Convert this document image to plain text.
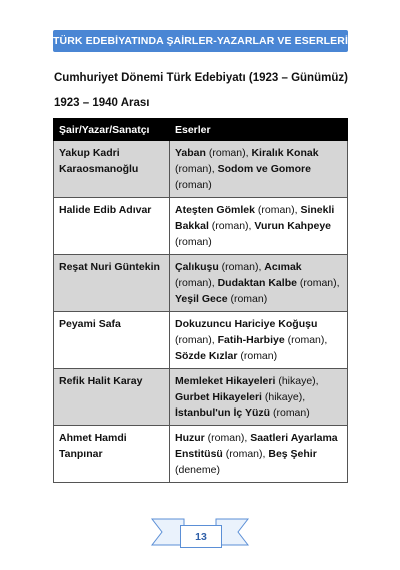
TÜRK EDEBİYATINDA ŞAİRLER-YAZARLAR VE ESERLERİ
Cumhuriyet Dönemi Türk Edebiyatı (1923 – Günümüz)
1923 – 1940 Arası
Şair/Yazar/Sanatçı	Eserler
Yakup Kadri Karaosmanoğlu	Yaban (roman), Kiralık Konak (roman), Sodom ve Gomore (roman)
Halide Edib Adıvar	Ateşten Gömlek (roman), Sinekli Bakkal (roman), Vurun Kahpeye (roman)
Reşat Nuri Güntekin	Çalıkuşu (roman), Acımak (roman), Dudaktan Kalbe (roman), Yeşil Gece (roman)
Peyami Safa	Dokuzuncu Hariciye Koğuşu (roman), Fatih-Harbiye (roman), Sözde Kızlar (roman)
Refik Halit Karay	Memleket Hikayeleri (hikaye), Gurbet Hikayeleri (hikaye), İstanbul'un İç Yüzü (roman)
Ahmet Hamdi Tanpınar	Huzur (roman), Saatleri Ayarlama Enstitüsü (roman), Beş Şehir (deneme)
13
